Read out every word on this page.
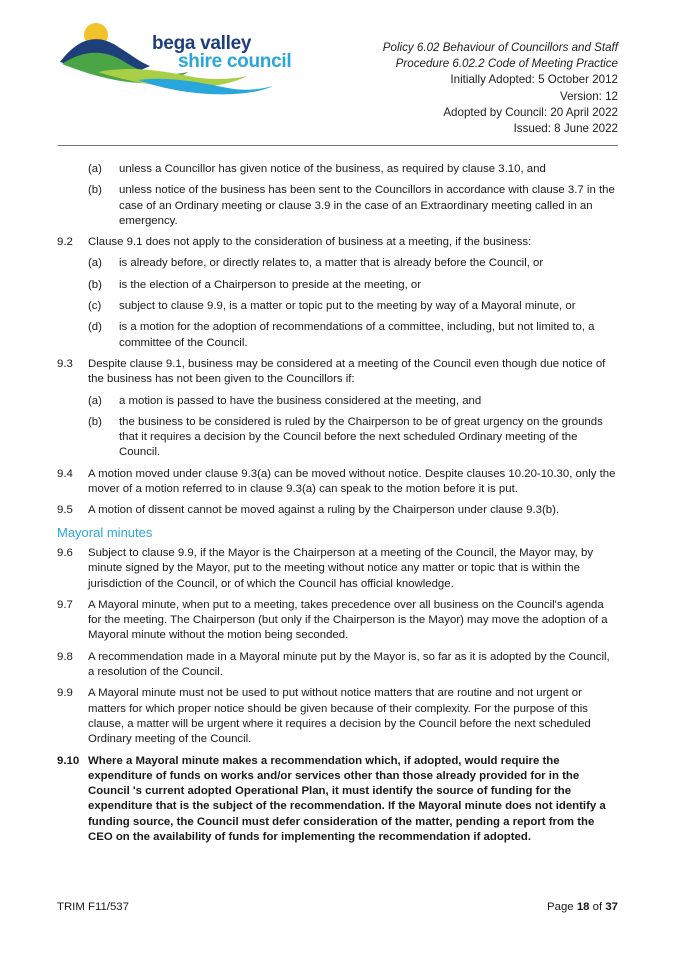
bega valley
shire council
Policy 6.02 Behaviour of Councillors and Staff
Procedure 6.02.2 Code of Meeting Practice
Initially Adopted: 5 October 2012
Version: 12
Adopted by Council: 20 April 2022
Issued: 8 June 2022
(a)	unless a Councillor has given notice of the business, as required by clause 3.10, and
(b)	unless notice of the business has been sent to the Councillors in accordance with clause 3.7 in the case of an Ordinary meeting or clause 3.9 in the case of an Extraordinary meeting called in an emergency.
9.2	Clause 9.1 does not apply to the consideration of business at a meeting, if the business:
(a)	is already before, or directly relates to, a matter that is already before the Council, or
(b)	is the election of a Chairperson to preside at the meeting, or
(c)	subject to clause 9.9, is a matter or topic put to the meeting by way of a Mayoral minute, or
(d)	is a motion for the adoption of recommendations of a committee, including, but not limited to, a committee of the Council.
9.3	Despite clause 9.1, business may be considered at a meeting of the Council even though due notice of the business has not been given to the Councillors if:
(a)	a motion is passed to have the business considered at the meeting, and
(b)	the business to be considered is ruled by the Chairperson to be of great urgency on the grounds that it requires a decision by the Council before the next scheduled Ordinary meeting of the Council.
9.4	A motion moved under clause 9.3(a) can be moved without notice. Despite clauses 10.20-10.30, only the mover of a motion referred to in clause 9.3(a) can speak to the motion before it is put.
9.5	A motion of dissent cannot be moved against a ruling by the Chairperson under clause 9.3(b).
Mayoral minutes
9.6	Subject to clause 9.9, if the Mayor is the Chairperson at a meeting of the Council, the Mayor may, by minute signed by the Mayor, put to the meeting without notice any matter or topic that is within the jurisdiction of the Council, or of which the Council has official knowledge.
9.7	A Mayoral minute, when put to a meeting, takes precedence over all business on the Council's agenda for the meeting. The Chairperson (but only if the Chairperson is the Mayor) may move the adoption of a Mayoral minute without the motion being seconded.
9.8	A recommendation made in a Mayoral minute put by the Mayor is, so far as it is adopted by the Council, a resolution of the Council.
9.9	A Mayoral minute must not be used to put without notice matters that are routine and not urgent or matters for which proper notice should be given because of their complexity. For the purpose of this clause, a matter will be urgent where it requires a decision by the Council before the next scheduled Ordinary meeting of the Council.
9.10 Where a Mayoral minute makes a recommendation which, if adopted, would require the expenditure of funds on works and/or services other than those already provided for in the Council 's current adopted Operational Plan, it must identify the source of funding for the expenditure that is the subject of the recommendation. If the Mayoral minute does not identify a funding source, the Council must defer consideration of the matter, pending a report from the CEO on the availability of funds for implementing the recommendation if adopted.
TRIM F11/537	Page 18 of 37
